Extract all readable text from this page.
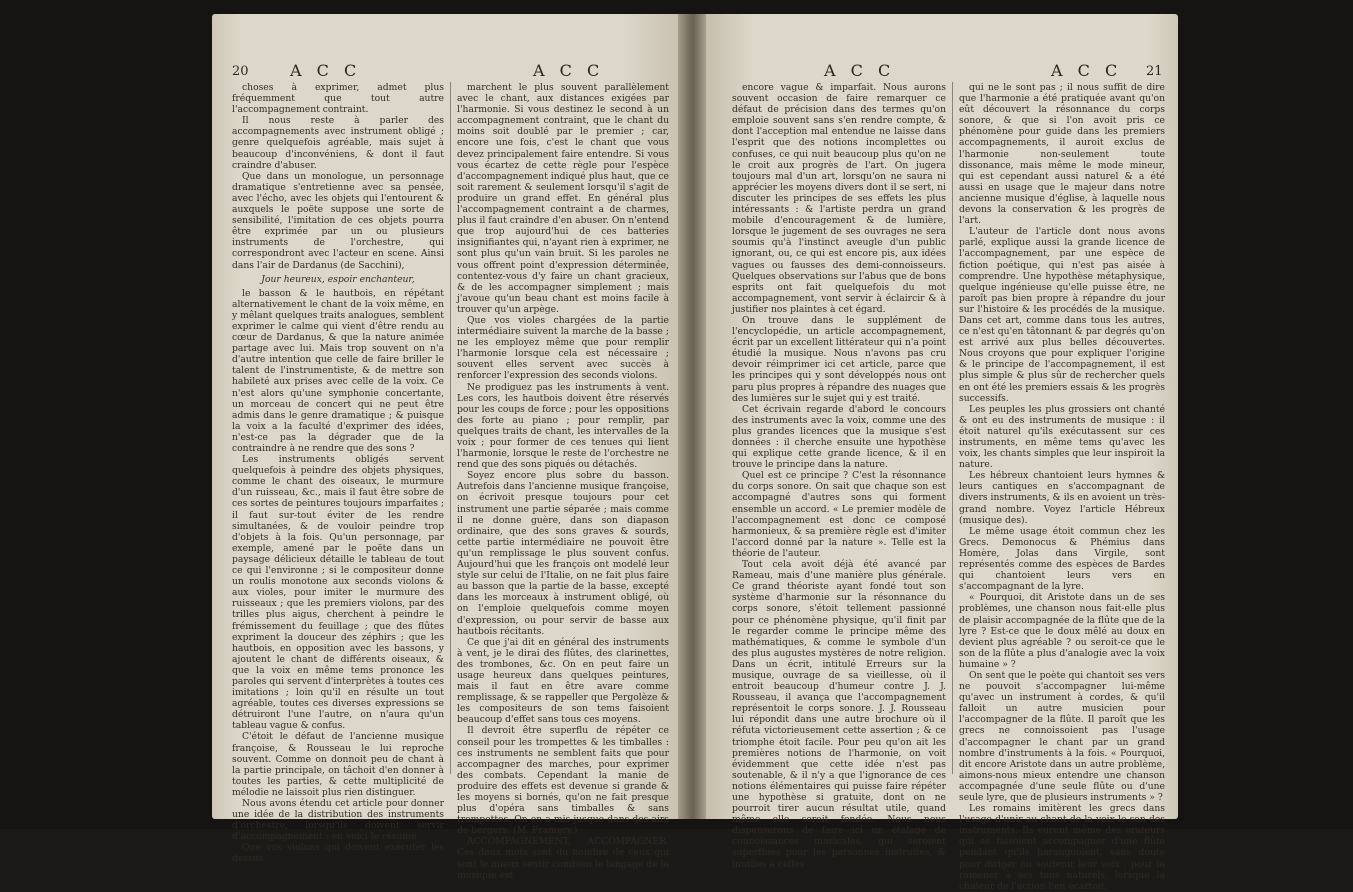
20	A C C	A C C

choses à exprimer, admet plus fréquemment que tout autre l'accompagnement contraint.

Il nous reste à parler des accompagnements avec instrument obligé ; genre quelquefois agréable, mais sujet à beaucoup d'inconvéniens, & dont il faut craindre d'abuser.

Que dans un monologue, un personnage dramatique s'entretienne avec sa pensée, avec l'écho, avec les objets qui l'entourent & auxquels le poëte suppose une sorte de sensibilité, l'imitation de ces objets pourra être exprimée par un ou plusieurs instruments de l'orchestre, qui correspondront avec l'acteur en scene. Ainsi dans l'air de Dardanus (de Sacchini),

Jour heureux, espoir enchanteur,

le basson & le hautbois, en répétant alternativement le chant de la voix même, en y mêlant quelques traits analogues, semblent exprimer le calme qui vient d'être rendu au cœur de Dardanus, & que la nature animée partage avec lui. Mais trop souvent on n'a d'autre intention que celle de faire briller le talent de l'instrumentiste, & de mettre son habileté aux prises avec celle de la voix. Ce n'est alors qu'une symphonie concertante, un morceau de concert qui ne peut être admis dans le genre dramatique ; & puisque la voix a la faculté d'exprimer des idées, n'est-ce pas la dégrader que de la contraindre à ne rendre que des sons ?

Les instruments obligés servent quelquefois à peindre des objets physiques, comme le chant des oiseaux, le murmure d'un ruisseau, &c., mais il faut être sobre de ces sortes de peintures toujours imparfaites ; il faut sur-tout éviter de les rendre simultanées, & de vouloir peindre trop d'objets à la fois. Qu'un personnage, par exemple, amené par le poëte dans un paysage délicieux détaille le tableau de tout ce qui l'environne ; si le compositeur donne un roulis monotone aux seconds violons & aux violes, pour imiter le murmure des ruisseaux ; que les premiers violons, par des trilles plus aigus, cherchent à peindre le frémissement du feuillage ; que des flûtes expriment la douceur des zéphirs ; que les hautbois, en opposition avec les bassons, y ajoutent le chant de différents oiseaux, & que la voix en même tems prononce les paroles qui servent d'interprètes à toutes ces imitations ; loin qu'il en résulte un tout agréable, toutes ces diverses expressions se détruiront l'une l'autre, on n'aura qu'un tableau vague & confus.

C'étoit le défaut de l'ancienne musique françoise, & Rousseau le lui reproche souvent. Comme on donnoit peu de chant à la partie principale, on tâchoit d'en donner à toutes les parties, & cette multiplicité de mélodie ne laissoit plus rien distinguer.

Nous avons étendu cet article pour donner une idée de la distribution des instruments d'orchestre, lorsqu'ils doivent servir d'accompagnement : en voici le résumé.

Que vos violons qui doivent exécuter les dessus

marchent le plus souvent parallèlement avec le chant, aux distances exigées par l'harmonie. Si vous destinez le second à un accompagnement contraint, que le chant du moins soit doublé par le premier ; car, encore une fois, c'est le chant que vous devez principalement faire entendre. Si vous vous écartez de cette règle pour l'espèce d'accompagnement indiqué plus haut, que ce soit rarement & seulement lorsqu'il s'agit de produire un grand effet. En général plus l'accompagnement contraint a de charmes, plus il faut craindre d'en abuser. On n'entend que trop aujourd'hui de ces batteries insignifiantes qui, n'ayant rien à exprimer, ne sont plus qu'un vain bruit. Si les paroles ne vous offrent point d'expression déterminée, contentez-vous d'y faire un chant gracieux, & de les accompagner simplement ; mais j'avoue qu'un beau chant est moins facile à trouver qu'un arpège.

Que vos violes chargées de la partie intermédiaire suivent la marche de la basse ; ne les employez même que pour remplir l'harmonie lorsque cela est nécessaire ; souvent elles servent avec succès à renforcer l'expression des seconds violons.

Ne prodiguez pas les instruments à vent. Les cors, les hautbois doivent être réservés pour les coups de force ; pour les oppositions des forte au piano ; pour remplir, par quelques traits de chant, les intervalles de la voix ; pour former de ces tenues qui lient l'harmonie, lorsque le reste de l'orchestre ne rend que des sons piqués ou détachés.

Soyez encore plus sobre du basson. Autrefois dans l'ancienne musique françoise, on écrivoit presque toujours pour cet instrument une partie séparée ; mais comme il ne donne guère, dans son diapason ordinaire, que des sons graves & sourds, cette partie intermédiaire ne pouvoit être qu'un remplissage le plus souvent confus. Aujourd'hui que les françois ont modelé leur style sur celui de l'Italie, on ne fait plus faire au basson que la partie de la basse, excepté dans les morceaux à instrument obligé, où on l'emploie quelquefois comme moyen d'expression, ou pour servir de basse aux hautbois récitants.

Ce que j'ai dit en général des instruments à vent, je le dirai des flûtes, des clarinettes, des trombones, &c. On en peut faire un usage heureux dans quelques peintures, mais il faut en être avare comme remplissage, & se rappeller que Pergolèze & les compositeurs de son tems faisoient beaucoup d'effet sans tous ces moyens.

Il devroit être superflu de répéter ce conseil pour les trompettes & les timballes : ces instruments ne semblent faits que pour accompagner des marches, pour exprimer des combats. Cependant la manie de produire des effets est devenue si grande & les moyens si bornés, qu'on ne fait presque plus d'opéra sans timballes & sans trompettes. On en a mis jusque dans des airs de bergers. (M. Framery.)

ACCOMPAGNEMENT, ACCOMPAGNER. Ces deux mots sont du nombre de ceux qui sont le mieux sentir combien le langage de la musique est

A C C	A C C 21

encore vague & imparfait. Nous aurons souvent occasion de faire remarquer ce défaut de précision dans des termes qu'on emploie souvent sans s'en rendre compte, & dont l'acception mal entendue ne laisse dans l'esprit que des notions incomplettes ou confuses, ce qui nuit beaucoup plus qu'on ne le croit aux progrès de l'art. On jugera toujours mal d'un art, lorsqu'on ne saura ni apprécier les moyens divers dont il se sert, ni discuter les principes de ses effets les plus intéressants : & l'artiste perdra un grand mobile d'encouragement & de lumière, lorsque le jugement de ses ouvrages ne sera soumis qu'à l'instinct aveugle d'un public ignorant, ou, ce qui est encore pis, aux idées vagues ou fausses des demi-connoisseurs. Quelques observations sur l'abus que de bons esprits ont fait quelquefois du mot accompagnement, vont servir à éclaircir & à justifier nos plaintes à cet égard.

On trouve dans le supplément de l'encyclopédie, un article accompagnement, écrit par un excellent littérateur qui n'a point étudié la musique. Nous n'avons pas cru devoir réimprimer ici cet article, parce que les principes qui y sont développés nous ont paru plus propres à répandre des nuages que des lumières sur le sujet qui y est traité.

Cet écrivain regarde d'abord le concours des instruments avec la voix, comme une des plus grandes licences que la musique s'est données : il cherche ensuite une hypothèse qui explique cette grande licence, & il en trouve le principe dans la nature.

Quel est ce principe ? C'est la résonnance du corps sonore. On sait que chaque son est accompagné d'autres sons qui forment ensemble un accord. « Le premier modèle de l'accompagnement est donc ce composé harmonieux, & sa première règle est d'imiter l'accord donné par la nature ». Telle est la théorie de l'auteur.

Tout cela avoit déjà été avancé par Rameau, mais d'une manière plus générale. Ce grand théoriste ayant fondé tout son système d'harmonie sur la résonnance du corps sonore, s'étoit tellement passionné pour ce phénomène physique, qu'il finit par le regarder comme le principe même des mathématiques, & comme le symbole d'un des plus augustes mystères de notre religion. Dans un écrit, intitulé Erreurs sur la musique, ouvrage de sa vieillesse, où il entroit beaucoup d'humeur contre J. J. Rousseau, il avança que l'accompagnement représentoit le corps sonore. J. J. Rousseau lui répondit dans une autre brochure où il réfuta victorieusement cette assertion ; & ce triomphe étoit facile. Pour peu qu'on ait les premières notions de l'harmonie, on voit évidemment que cette idée n'est pas soutenable, & il n'y a que l'ignorance de ces notions élémentaires qui puisse faire répéter une hypothèse si gratuite, dont on ne pourroit tirer aucun résultat utile, quand même elle seroit fondée. Nous nous dispenserons de faire ici un étalage de connoissances musicales, qui seroient superflues pour les personnes instruites, & inutiles à celles

qui ne le sont pas ; il nous suffit de dire que l'harmonie a été pratiquée avant qu'on eût découvert la résonnance du corps sonore, & que si l'on avoit pris ce phénomène pour guide dans les premiers accompagnements, il auroit exclus de l'harmonie non-seulement toute dissonance, mais même le mode mineur, qui est cependant aussi naturel & a été aussi en usage que le majeur dans notre ancienne musique d'église, à laquelle nous devons la conservation & les progrès de l'art.

L'auteur de l'article dont nous avons parlé, explique aussi la grande licence de l'accompagnement, par une espèce de fiction poétique, qui n'est pas aisée à comprendre. Une hypothèse métaphysique, quelque ingénieuse qu'elle puisse être, ne paroît pas bien propre à répandre du jour sur l'histoire & les procédés de la musique. Dans cet art, comme dans tous les autres, ce n'est qu'en tâtonnant & par degrés qu'on est arrivé aux plus belles découvertes. Nous croyons que pour expliquer l'origine & le principe de l'accompagnement, il est plus simple & plus sûr de rechercher quels en ont été les premiers essais & les progrès successifs.

Les peuples les plus grossiers ont chanté & ont eu des instruments de musique : il étoit naturel qu'ils exécutassent sur ces instruments, en même tems qu'avec les voix, les chants simples que leur inspiroit la nature.

Les hébreux chantoient leurs hymnes & leurs cantiques en s'accompagnant de divers instruments, & ils en avoient un très-grand nombre. Voyez l'article Hébreux (musique des).

Le même usage étoit commun chez les Grecs. Demonocus & Phémius dans Homère, Jolas dans Virgile, sont représentés comme des espèces de Bardes qui chantoient leurs vers en s'accompagnant de la lyre.

« Pourquoi, dit Aristote dans un de ses problèmes, une chanson nous fait-elle plus de plaisir accompagnée de la flûte que de la lyre ? Est-ce que le doux mêlé au doux en devient plus agréable ? ou seroit-ce que le son de la flûte a plus d'analogie avec la voix humaine » ?

On sent que le poète qui chantoit ses vers ne pouvoit s'accompagner lui-même qu'avec un instrument à cordes, & qu'il falloit un autre musicien pour l'accompagner de la flûte. Il paroît que les grecs ne connoissoient pas l'usage d'accompagner le chant par un grand nombre d'instruments à la fois. « Pourquoi, dit encore Aristote dans un autre problème, aimons-nous mieux entendre une chanson accompagnée d'une seule flûte ou d'une seule lyre, que de plusieurs instruments » ?

Les romains imitèrent les grecs dans l'usage d'unir au chant de la voix le son des instruments. Ils eurent même des orateurs qui se faisoient accompagner d'une flûte pendant qu'ils haranguoient, sans doute pour diriger ou soutenir leur voix ; pour la ramener à ses tons naturels, lorsque la chaleur de l'action l'en écartoit.
